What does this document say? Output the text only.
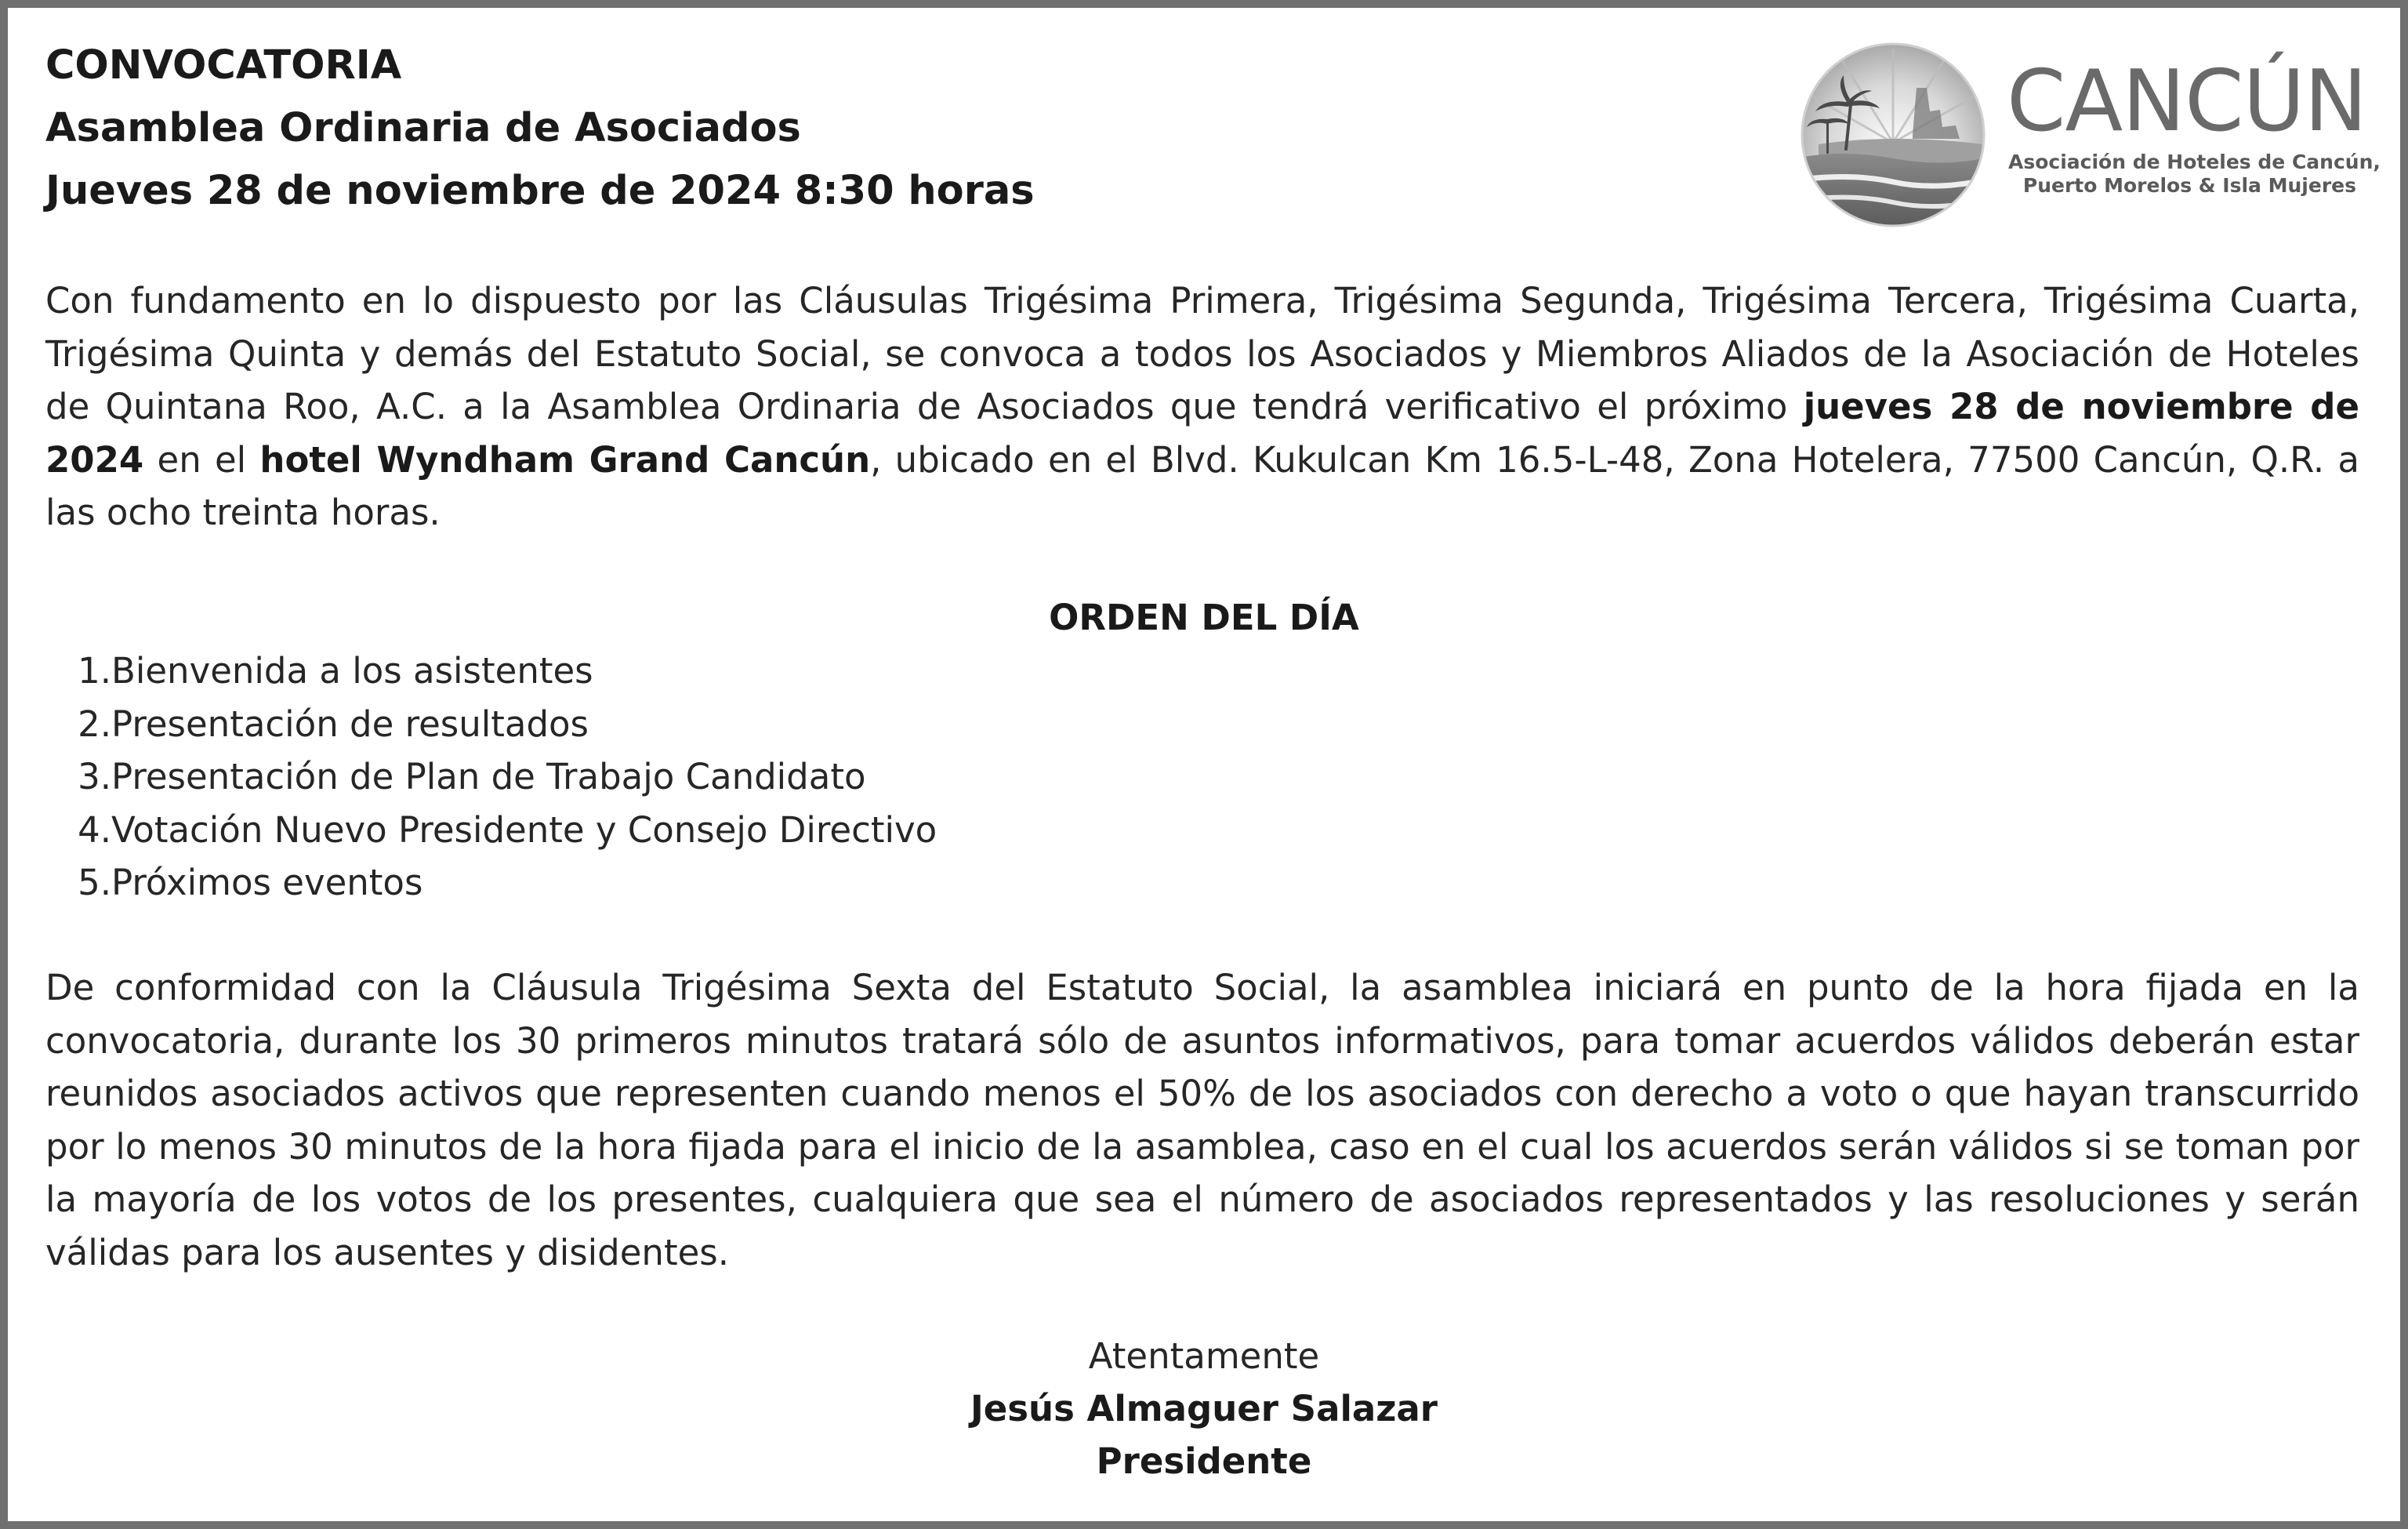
CONVOCATORIA
Asamblea Ordinaria de Asociados
Jueves 28 de noviembre de 2024 8:30 horas
CANCÚN
Asociación de Hoteles de Cancún,
Puerto Morelos & Isla Mujeres
Con fundamento en lo dispuesto por las Cláusulas Trigésima Primera, Trigésima Segunda, Trigésima Tercera, Trigésima Cuarta, Trigésima Quinta y demás del Estatuto Social, se convoca a todos los Asociados y Miembros Aliados de la Asociación de Hoteles de Quintana Roo, A.C. a la Asamblea Ordinaria de Asociados que tendrá verificativo el próximo jueves 28 de noviembre de 2024 en el hotel Wyndham Grand Cancún, ubicado en el Blvd. Kukulcan Km 16.5-L-48, Zona Hotelera, 77500 Cancún, Q.R. a las ocho treinta horas.
ORDEN DEL DÍA
1.Bienvenida a los asistentes
2.Presentación de resultados
3.Presentación de Plan de Trabajo Candidato
4.Votación Nuevo Presidente y Consejo Directivo
5.Próximos eventos
De conformidad con la Cláusula Trigésima Sexta del Estatuto Social, la asamblea iniciará en punto de la hora fijada en la convocatoria, durante los 30 primeros minutos tratará sólo de asuntos informativos, para tomar acuerdos válidos deberán estar reunidos asociados activos que representen cuando menos el 50% de los asociados con derecho a voto o que hayan transcurrido por lo menos 30 minutos de la hora fijada para el inicio de la asamblea, caso en el cual los acuerdos serán válidos si se toman por la mayoría de los votos de los presentes, cualquiera que sea el número de asociados representados y las resoluciones y serán válidas para los ausentes y disidentes.
Atentamente
Jesús Almaguer Salazar
Presidente
